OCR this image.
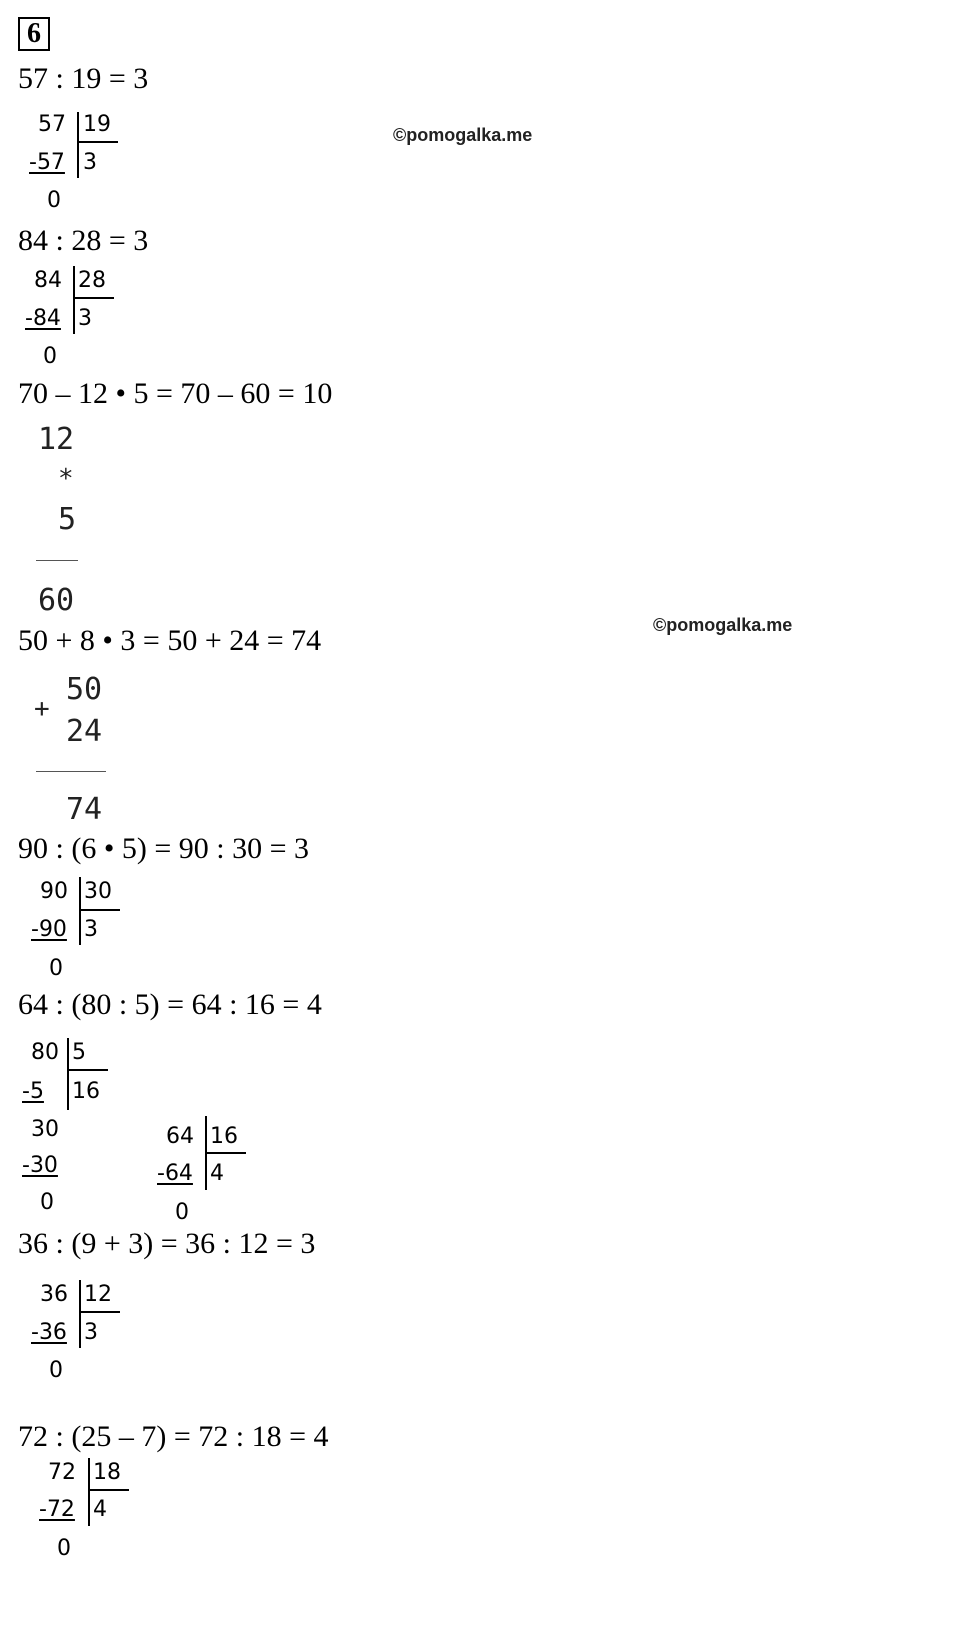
6
©pomogalka.me
©pomogalka.me
57 : 19 = 3
57 19
-57 3
0
84 : 28 = 3
84 28
-84 3
0
70 – 12 • 5 = 70 – 60 = 10
12
*
5
60
50 + 8 • 3 = 50 + 24 = 74
+
50
24
74
90 : (6 • 5) = 90 : 30 = 3
90 30
-90 3
0
64 : (80 : 5) = 64 : 16 = 4
80 5
-5 16
30
-30
0
64 16
-64 4
0
36 : (9 + 3) = 36 : 12 = 3
36 12
-36 3
0
72 : (25 – 7) = 72 : 18 = 4
72 18
-72 4
0
